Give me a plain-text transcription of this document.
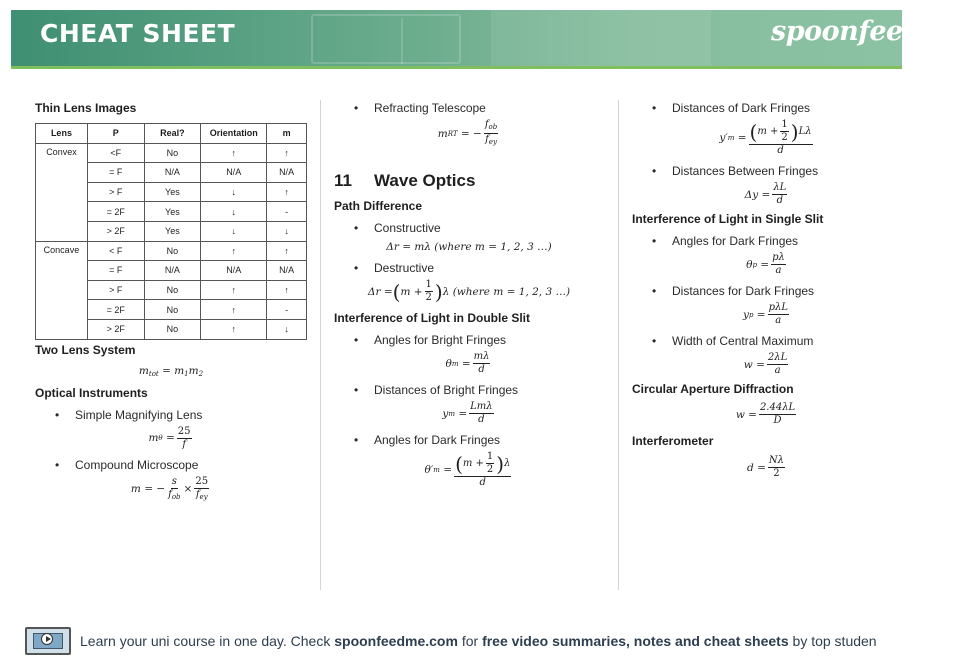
CHEAT SHEET	spoonfeedme
Thin Lens Images
Lens	P	Real?	Orientation	m
Convex	<F	No	↑	↑
	= F	N/A	N/A	N/A
	> F	Yes	↓	↑
	= 2F	Yes	↓	-
	> 2F	Yes	↓	↓
Concave	< F	No	↑	↑
	= F	N/A	N/A	N/A
	> F	No	↑	↑
	= 2F	No	↑	-
	> 2F	No	↑	↓
Two Lens System
$m_{tot} = m_1m_2$
Optical Instruments
• Simple Magnifying Lens
m θ
= $\frac{25}{f}$
• Compound Microscope
m = − $\frac{s}{f_{ob}} \times \frac{25}{f_{ey}}$
• Refracting Telescope
m RT
= − $\frac{f_{ob}}{f_{ey}}$
11	Wave Optics
Path Difference
• Constructive
Δr = mλ (where m = 1, 2, 3 …)
• Destructive
Δr = ( $m + \frac{1}{2}$ ) λ (where m = 1, 2, 3 …)
Interference of Light in Double Slit
• Angles for Bright Fringes
θ m
= $\frac{m\lambda}{d}$
• Distances of Bright Fringes
y m
= $\frac{\text{Lmλ}}{d}$
• Angles for Dark Fringes
θ′ m
= $\frac{( m + \frac{1}{2} ) \lambda}{d}$
• Distances of Dark Fringes
y′ m
= $\frac{( m + \frac{1}{2} ) L\lambda}{d}$
• Distances Between Fringes
$\Delta y = \frac{\lambda L}{d}$
Interference of Light in Single Slit
• Angles for Dark Fringes
θ p
= $\frac{p\lambda}{a}$
• Distances for Dark Fringes
y p
= $\frac{\text{pλL}}{a}$
• Width of Central Maximum
$w = \frac{2\lambda L}{a}$
Circular Aperture Diffraction
$w = \frac{2.44\lambda L}{D}$
Interferometer
$d = \frac{N\lambda}{2}$
Learn your uni course in one day. Check spoonfeedme.com for free video summaries, notes and cheat sheets by top studen
